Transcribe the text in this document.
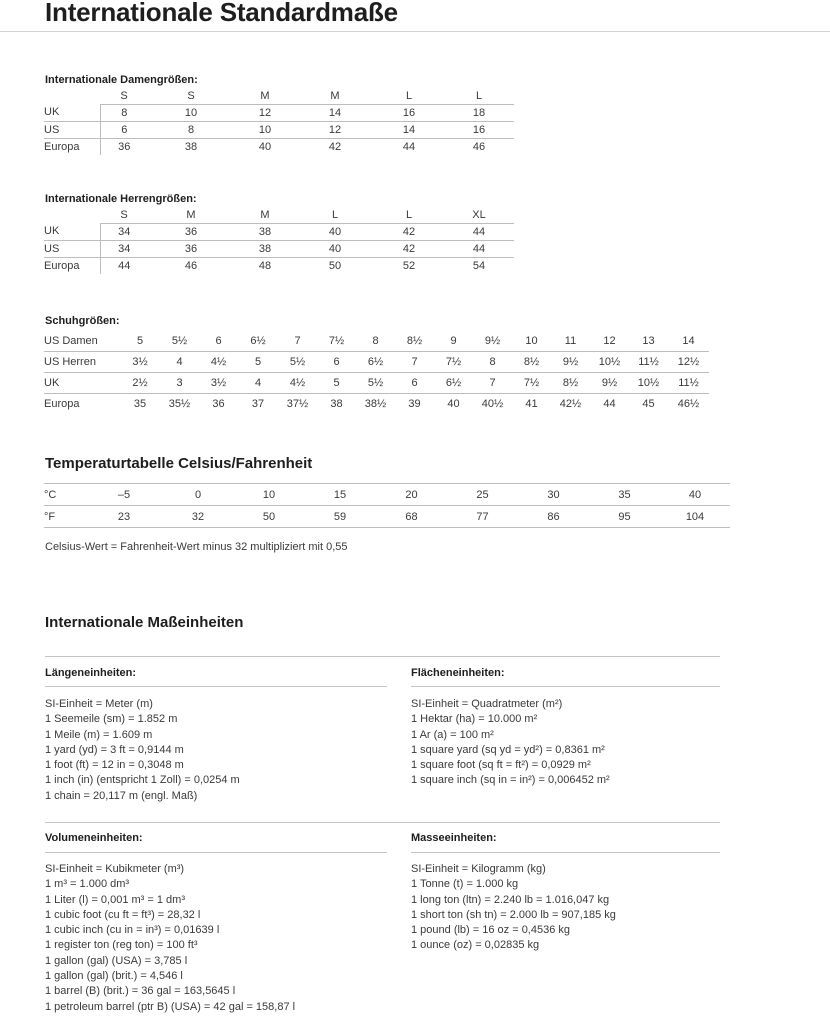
Internationale Standardmaße
Internationale Damengrößen:
	S	S	M	M	L	L
UK	8	10	12	14	16	18
US	6	8	10	12	14	16
Europa	36	38	40	42	44	46
Internationale Herrengrößen:
	S	M	M	L	L	XL
UK	34	36	38	40	42	44
US	34	36	38	40	42	44
Europa	44	46	48	50	52	54
Schuhgrößen:
US Damen	5	5½	6	6½	7	7½	8	8½	9	9½	10	11	12	13	14
US Herren	3½	4	4½	5	5½	6	6½	7	7½	8	8½	9½	10½	11½	12½
UK	2½	3	3½	4	4½	5	5½	6	6½	7	7½	8½	9½	10½	11½
Europa	35	35½	36	37	37½	38	38½	39	40	40½	41	42½	44	45	46½
Temperaturtabelle Celsius/Fahrenheit
°C	–5	0	10	15	20	25	30	35	40
°F	23	32	50	59	68	77	86	95	104

Celsius-Wert = Fahrenheit-Wert minus 32 multipliziert mit 0,55

Internationale Maßeinheiten
Längeneinheiten:	Flächeneinheiten:
SI-Einheit = Meter (m)
1 Seemeile (sm) = 1.852 m
1 Meile (m) = 1.609 m
1 yard (yd) = 3 ft = 0,9144 m
1 foot (ft) = 12 in = 0,3048 m
1 inch (in) (entspricht 1 Zoll) = 0,0254 m
1 chain = 20,117 m (engl. Maß)
SI-Einheit = Quadratmeter (m²)
1 Hektar (ha) = 10.000 m²
1 Ar (a) = 100 m²
1 square yard (sq yd = yd²) = 0,8361 m²
1 square foot (sq ft = ft²) = 0,0929 m²
1 square inch (sq in = in²) = 0,006452 m²
Volumeneinheiten:	Masseeinheiten:
SI-Einheit = Kubikmeter (m³)
1 m³ = 1.000 dm³
1 Liter (l) = 0,001 m³ = 1 dm³
1 cubic foot (cu ft = ft³) = 28,32 l
1 cubic inch (cu in = in³) = 0,01639 l
1 register ton (reg ton) = 100 ft³
1 gallon (gal) (USA) = 3,785 l
1 gallon (gal) (brit.) = 4,546 l
1 barrel (B) (brit.) = 36 gal = 163,5645 l
1 petroleum barrel (ptr B) (USA) = 42 gal = 158,87 l
SI-Einheit = Kilogramm (kg)
1 Tonne (t) = 1.000 kg
1 long ton (ltn) = 2.240 lb = 1.016,047 kg
1 short ton (sh tn) = 2.000 lb = 907,185 kg
1 pound (lb) = 16 oz = 0,4536 kg
1 ounce (oz) = 0,02835 kg
